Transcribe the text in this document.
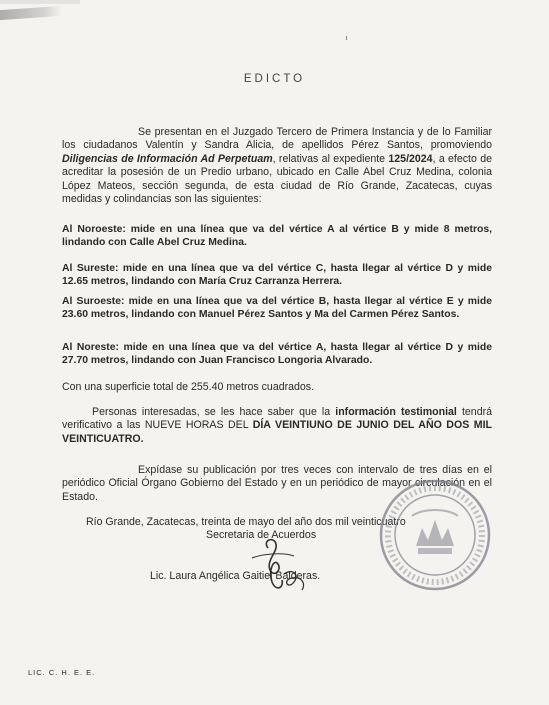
EDICTO
Se presentan en el Juzgado Tercero de Primera Instancia y de lo Familiar los ciudadanos Valentín y Sandra Alicia, de apellidos Pérez Santos, promoviendo Diligencias de Información Ad Perpetuam, relativas al expediente 125/2024, a efecto de acreditar la posesión de un Predio urbano, ubicado en Calle Abel Cruz Medina, colonia López Mateos, sección segunda, de esta ciudad de Río Grande, Zacatecas, cuyas medidas y colindancias son las siguientes:
Al Noroeste: mide en una línea que va del vértice A al vértice B y mide 8 metros, lindando con Calle Abel Cruz Medina.
Al Sureste: mide en una línea que va del vértice C, hasta llegar al vértice D y mide 12.65 metros, lindando con María Cruz Carranza Herrera.
Al Suroeste: mide en una línea que va del vértice B, hasta llegar al vértice E y mide 23.60 metros, lindando con Manuel Pérez Santos y Ma del Carmen Pérez Santos.
Al Noreste: mide en una línea que va del vértice A, hasta llegar al vértice D y mide 27.70 metros, lindando con Juan Francisco Longoria Alvarado.
Con una superficie total de 255.40 metros cuadrados.
Personas interesadas, se les hace saber que la información testimonial tendrá verificativo a las NUEVE HORAS DEL DÍA VEINTIUNO DE JUNIO DEL AÑO DOS MIL VEINTICUATRO.
Expídase su publicación por tres veces con intervalo de tres días en el periódico Oficial Órgano Gobierno del Estado y en un periódico de mayor circulación en el Estado.
Río Grande, Zacatecas, treinta de mayo del año dos mil veinticuatro
Secretaria de Acuerdos
Lic. Laura Angélica Gaitiel Balderas.
LIC. C. H. E. E.
